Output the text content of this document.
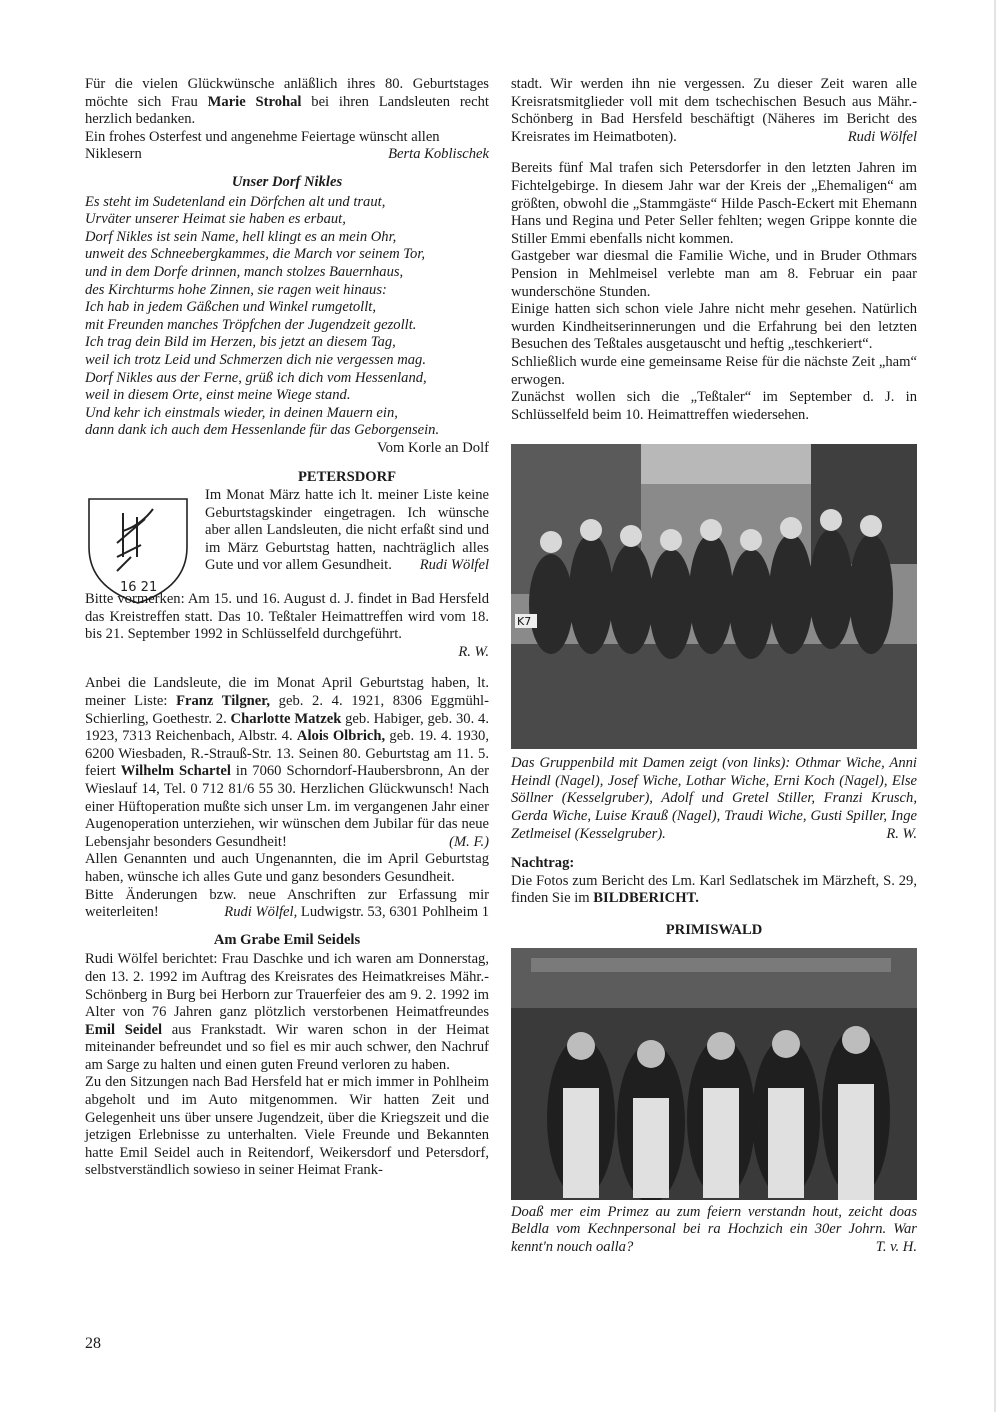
Für die vielen Glückwünsche anläßlich ihres 80. Geburtstages möchte sich Frau Marie Strohal bei ihren Landsleuten recht herzlich bedanken.

Ein frohes Osterfest und angenehme Feiertage wünscht allen Niklesern	Berta Koblischek

Unser Dorf Nikles

Es steht im Sudetenland ein Dörfchen alt und traut,

Urväter unserer Heimat sie haben es erbaut,

Dorf Nikles ist sein Name, hell klingt es an mein Ohr,

unweit des Schneebergkammes, die March vor seinem Tor,

und in dem Dorfe drinnen, manch stolzes Bauernhaus,

des Kirchturms hohe Zinnen, sie ragen weit hinaus:

Ich hab in jedem Gäßchen und Winkel rumgetollt,

mit Freunden manches Tröpfchen der Jugendzeit gezollt.

Ich trag dein Bild im Herzen, bis jetzt an diesem Tag,

weil ich trotz Leid und Schmerzen dich nie vergessen mag.

Dorf Nikles aus der Ferne, grüß ich dich vom Hessenland,

weil in diesem Orte, einst meine Wiege stand.

Und kehr ich einstmals wieder, in deinen Mauern ein,

dann dank ich auch dem Hessenlande für das Geborgensein.

Vom Korle an Dolf
PETERSDORF
16 21

Im Monat März hatte ich lt. meiner Liste keine Geburtstagskinder eingetragen. Ich wünsche aber allen Landsleuten, die nicht erfaßt sind und im März Geburtstag hatten, nachträglich alles Gute und vor allem Gesundheit. Rudi Wölfel

Bitte vormerken: Am 15. und 16. August d. J. findet in Bad Hersfeld das Kreistreffen statt. Das 10. Teßtaler Heimattreffen wird vom 18. bis 21. September 1992 in Schlüsselfeld durchgeführt.

R. W.

Anbei die Landsleute, die im Monat April Geburtstag haben, lt. meiner Liste: Franz Tilgner, geb. 2. 4. 1921, 8306 Eggmühl-Schierling, Goethestr. 2. Charlotte Matzek geb. Habiger, geb. 30. 4. 1923, 7313 Reichenbach, Albstr. 4. Alois Olbrich, geb. 19. 4. 1930, 6200 Wiesbaden, R.-Strauß-Str. 13. Seinen 80. Geburtstag am 11. 5. feiert Wilhelm Schartel in 7060 Schorndorf-Haubersbronn, An der Wieslauf 14, Tel. 0 712 81/6 55 30. Herzlichen Glückwunsch! Nach einer Hüftoperation mußte sich unser Lm. im vergangenen Jahr einer Augenoperation unterziehen, wir wünschen dem Jubilar für das neue Lebensjahr besonders Gesundheit!	(M. F.)

Allen Genannten und auch Ungenannten, die im April Geburtstag haben, wünsche ich alles Gute und ganz besonders Gesundheit.

Bitte Änderungen bzw. neue Anschriften zur Erfassung mir weiterleiten!	Rudi Wölfel, Ludwigstr. 53, 6301 Pohlheim 1

Am Grabe Emil Seidels

Rudi Wölfel berichtet: Frau Daschke und ich waren am Donnerstag, den 13. 2. 1992 im Auftrag des Kreisrates des Heimatkreises Mähr.-Schönberg in Burg bei Herborn zur Trauerfeier des am 9. 2. 1992 im Alter von 76 Jahren ganz plötzlich verstorbenen Heimatfreundes Emil Seidel aus Frankstadt. Wir waren schon in der Heimat miteinander befreundet und so fiel es mir auch schwer, den Nachruf am Sarge zu halten und einen guten Freund verloren zu haben.

Zu den Sitzungen nach Bad Hersfeld hat er mich immer in Pohlheim abgeholt und im Auto mitgenommen. Wir hatten Zeit und Gelegenheit uns über unsere Jugendzeit, über die Kriegszeit und die jetzigen Erlebnisse zu unterhalten. Viele Freunde und Bekannten hatte Emil Seidel auch in Reitendorf, Weikersdorf und Petersdorf, selbstverständlich sowieso in seiner Heimat Frank-

stadt. Wir werden ihn nie vergessen. Zu dieser Zeit waren alle Kreisratsmitglieder voll mit dem tschechischen Besuch aus Mähr.-Schönberg in Bad Hersfeld beschäftigt (Näheres im Bericht des Kreisrates im Heimatboten).	Rudi Wölfel

Bereits fünf Mal trafen sich Petersdorfer in den letzten Jahren im Fichtelgebirge. In diesem Jahr war der Kreis der „Ehemaligen“ am größten, obwohl die „Stammgäste“ Hilde Pasch-Eckert mit Ehemann Hans und Regina und Peter Seller fehlten; wegen Grippe konnte die Stiller Emmi ebenfalls nicht kommen.

Gastgeber war diesmal die Familie Wiche, und in Bruder Othmars Pension in Mehlmeisel verlebte man am 8. Februar ein paar wunderschöne Stunden.

Einige hatten sich schon viele Jahre nicht mehr gesehen. Natürlich wurden Kindheitserinnerungen und die Erfahrung bei den letzten Besuchen des Teßtales ausgetauscht und heftig „teschkeriert“.

Schließlich wurde eine gemeinsame Reise für die nächste Zeit „ham“ erwogen.

Zunächst wollen sich die „Teßtaler“ im September d. J. in Schlüsselfeld beim 10. Heimattreffen wiedersehen.

K7

Das Gruppenbild mit Damen zeigt (von links): Othmar Wiche, Anni Heindl (Nagel), Josef Wiche, Lothar Wiche, Erni Koch (Nagel), Else Söllner (Kesselgruber), Adolf und Gretel Stiller, Franzi Krusch, Gerda Wiche, Luise Krauß (Nagel), Traudi Wiche, Gusti Spiller, Inge Zetlmeisel (Kesselgruber).	R. W.

Nachtrag:

Die Fotos zum Bericht des Lm. Karl Sedlatschek im Märzheft, S. 29, finden Sie im BILDBERICHT.

PRIMISWALD

Doaß mer eim Primez au zum feiern verstandn hout, zeicht doas Beldla vom Kechnpersonal bei ra Hochzich ein 30er Johrn. War kennt'n nouch oalla?	T. v. H.

28
